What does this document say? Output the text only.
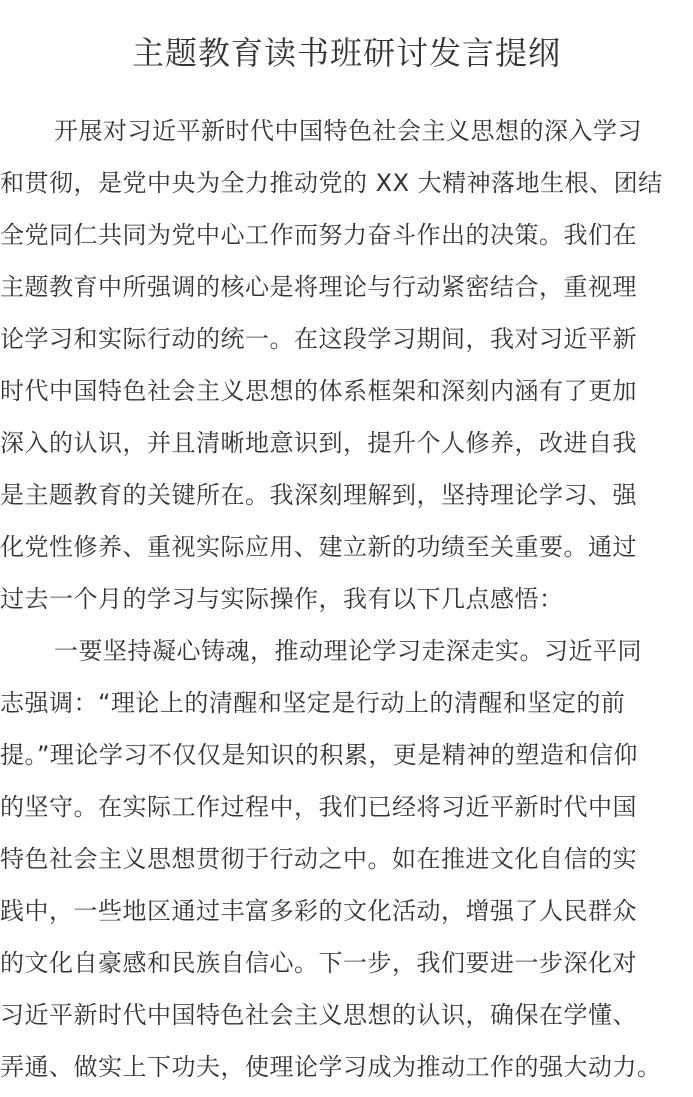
主题教育读书班研讨发言提纲
开展对习近平新时代中国特色社会主义思想的深入学习
和贯彻，是党中央为全力推动党的 XX 大精神落地生根、团结
全党同仁共同为党中心工作而努力奋斗作出的决策。我们在
主题教育中所强调的核心是将理论与行动紧密结合，重视理
论学习和实际行动的统一。在这段学习期间，我对习近平新
时代中国特色社会主义思想的体系框架和深刻内涵有了更加
深入的认识，并且清晰地意识到，提升个人修养，改进自我
是主题教育的关键所在。我深刻理解到，坚持理论学习、强
化党性修养、重视实际应用、建立新的功绩至关重要。通过
过去一个月的学习与实际操作，我有以下几点感悟：
一要坚持凝心铸魂，推动理论学习走深走实。习近平同
志强调：“理论上的清醒和坚定是行动上的清醒和坚定的前
提。”理论学习不仅仅是知识的积累，更是精神的塑造和信仰
的坚守。在实际工作过程中，我们已经将习近平新时代中国
特色社会主义思想贯彻于行动之中。如在推进文化自信的实
践中，一些地区通过丰富多彩的文化活动，增强了人民群众
的文化自豪感和民族自信心。下一步，我们要进一步深化对
习近平新时代中国特色社会主义思想的认识，确保在学懂、
弄通、做实上下功夫，使理论学习成为推动工作的强大动力。
